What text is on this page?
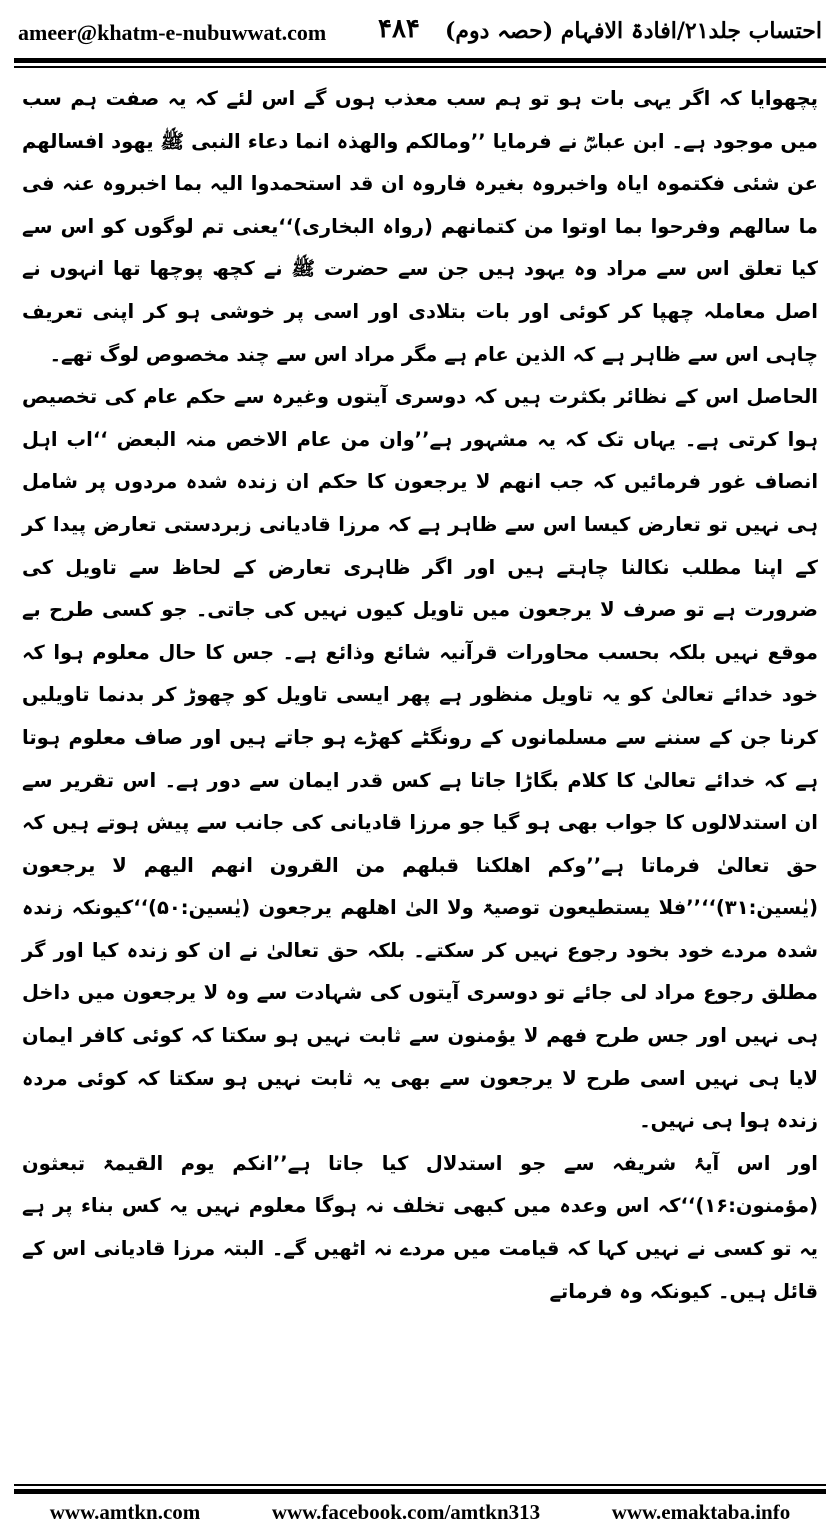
ameer@khatm-e-nubuwwat.com ۴۸۴ احتساب جلد۲۱/افادۃ الافہام (حصہ دوم)

پچھوایا کہ اگر یہی بات ہو تو ہم سب معذب ہوں گے اس لئے کہ یہ صفت ہم سب میں موجود ہے۔ ابن عباسؓ نے فرمایا ’’ومالکم والھذہ انما دعاء النبی ﷺ یھود افسالھم عن شئی فکتموہ ایاہ واخبروہ بغیرہ فاروہ ان قد استحمدوا الیہ بما اخبروہ عنہ فی ما سالھم وفرحوا بما اوتوا من کتمانھم (رواہ البخاری)‘‘یعنی تم لوگوں کو اس سے کیا تعلق اس سے مراد وہ یہود ہیں جن سے حضرت ﷺ نے کچھ پوچھا تھا انہوں نے اصل معاملہ چھپا کر کوئی اور بات بتلادی اور اسی پر خوشی ہو کر اپنی تعریف چاہی اس سے ظاہر ہے کہ الذین عام ہے مگر مراد اس سے چند مخصوص لوگ تھے۔

الحاصل اس کے نظائر بکثرت ہیں کہ دوسری آیتوں وغیرہ سے حکم عام کی تخصیص ہوا کرتی ہے۔ یہاں تک کہ یہ مشہور ہے’’وان من عام الاخص منہ البعض ‘‘اب اہل انصاف غور فرمائیں کہ جب انھم لا یرجعون کا حکم ان زندہ شدہ مردوں پر شامل ہی نہیں تو تعارض کیسا اس سے ظاہر ہے کہ مرزا قادیانی زبردستی تعارض پیدا کر کے اپنا مطلب نکالنا چاہتے ہیں اور اگر ظاہری تعارض کے لحاظ سے تاویل کی ضرورت ہے تو صرف لا یرجعون میں تاویل کیوں نہیں کی جاتی۔ جو کسی طرح بے موقع نہیں بلکہ بحسب محاورات قرآنیہ شائع وذائع ہے۔ جس کا حال معلوم ہوا کہ خود خدائے تعالیٰ کو یہ تاویل منظور ہے پھر ایسی تاویل کو چھوڑ کر بدنما تاویلیں کرنا جن کے سننے سے مسلمانوں کے رونگٹے کھڑے ہو جاتے ہیں اور صاف معلوم ہوتا ہے کہ خدائے تعالیٰ کا کلام بگاڑا جاتا ہے کس قدر ایمان سے دور ہے۔ اس تقریر سے ان استدلالوں کا جواب بھی ہو گیا جو مرزا قادیانی کی جانب سے پیش ہوتے ہیں کہ حق تعالیٰ فرماتا ہے’’وکم اھلکنا قبلھم من القرون انھم الیھم لا یرجعون (یٰسین:۳۱)‘‘’’فلا یستطیعون توصیۃ ولا الیٰ اھلھم یرجعون (یٰسین:۵۰)‘‘کیونکہ زندہ شدہ مردے خود بخود رجوع نہیں کر سکتے۔ بلکہ حق تعالیٰ نے ان کو زندہ کیا اور گر مطلق رجوع مراد لی جائے تو دوسری آیتوں کی شہادت سے وہ لا یرجعون میں داخل ہی نہیں اور جس طرح فھم لا یؤمنون سے ثابت نہیں ہو سکتا کہ کوئی کافر ایمان لایا ہی نہیں اسی طرح لا یرجعون سے بھی یہ ثابت نہیں ہو سکتا کہ کوئی مردہ زندہ ہوا ہی نہیں۔

اور اس آیۂ شریفہ سے جو استدلال کیا جاتا ہے’’انکم یوم القیمۃ تبعثون (مؤمنون:۱۶)‘‘کہ اس وعدہ میں کبھی تخلف نہ ہوگا معلوم نہیں یہ کس بناء پر ہے یہ تو کسی نے نہیں کہا کہ قیامت میں مردے نہ اٹھیں گے۔ البتہ مرزا قادیانی اس کے قائل ہیں۔ کیونکہ وہ فرماتے

www.amtkn.com	www.facebook.com/amtkn313	www.emaktaba.info
